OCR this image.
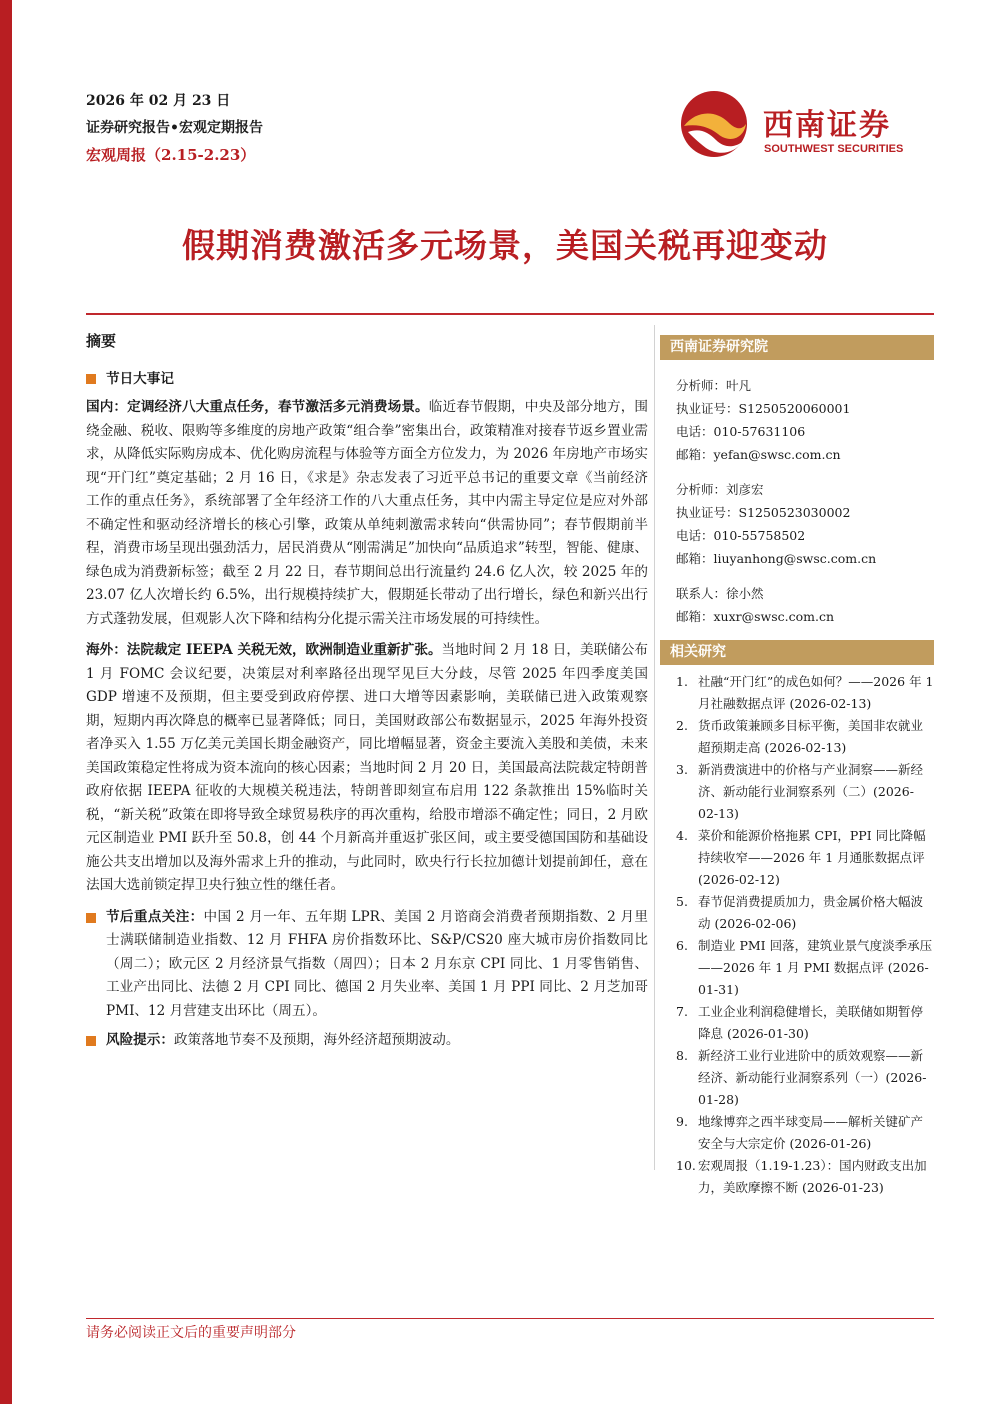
2026 年 02 月 23 日
证券研究报告•宏观定期报告
宏观周报（2.15-2.23）
西南证券
SOUTHWEST SECURITIES
假期消费激活多元场景，美国关税再迎变动
摘要
节日大事记

国内：定调经济八大重点任务，春节激活多元消费场景。临近春节假期，中央及部分地方，围绕金融、税收、限购等多维度的房地产政策“组合拳”密集出台，政策精准对接春节返乡置业需求，从降低实际购房成本、优化购房流程与体验等方面全方位发力，为 2026 年房地产市场实现“开门红”奠定基础；2 月 16 日，《求是》杂志发表了习近平总书记的重要文章《当前经济工作的重点任务》，系统部署了全年经济工作的八大重点任务，其中内需主导定位是应对外部不确定性和驱动经济增长的核心引擎，政策从单纯刺激需求转向“供需协同”；春节假期前半程，消费市场呈现出强劲活力，居民消费从“刚需满足”加快向“品质追求”转型，智能、健康、绿色成为消费新标签；截至 2 月 22 日，春节期间总出行流量约 24.6 亿人次，较 2025 年的 23.07 亿人次增长约 6.5%，出行规模持续扩大，假期延长带动了出行增长，绿色和新兴出行方式蓬勃发展，但观影人次下降和结构分化提示需关注市场发展的可持续性。

海外：法院裁定 IEEPA 关税无效，欧洲制造业重新扩张。当地时间 2 月 18 日，美联储公布 1 月 FOMC 会议纪要，决策层对利率路径出现罕见巨大分歧，尽管 2025 年四季度美国 GDP 增速不及预期，但主要受到政府停摆、进口大增等因素影响，美联储已进入政策观察期，短期内再次降息的概率已显著降低；同日，美国财政部公布数据显示，2025 年海外投资者净买入 1.55 万亿美元美国长期金融资产，同比增幅显著，资金主要流入美股和美债，未来美国政策稳定性将成为资本流向的核心因素；当地时间 2 月 20 日，美国最高法院裁定特朗普政府依据 IEEPA 征收的大规模关税违法，特朗普即刻宣布启用 122 条款推出 15%临时关税，“新关税”政策在即将导致全球贸易秩序的再次重构，给股市增添不确定性；同日，2 月欧元区制造业 PMI 跃升至 50.8，创 44 个月新高并重返扩张区间，或主要受德国国防和基础设施公共支出增加以及海外需求上升的推动，与此同时，欧央行行长拉加德计划提前卸任，意在法国大选前锁定捍卫央行独立性的继任者。

节后重点关注：中国 2 月一年、五年期 LPR、美国 2 月谘商会消费者预期指数、2 月里士满联储制造业指数、12 月 FHFA 房价指数环比、S&P/CS20 座大城市房价指数同比（周二）；欧元区 2 月经济景气指数（周四）；日本 2 月东京 CPI 同比、1 月零售销售、工业产出同比、法德 2 月 CPI 同比、德国 2 月失业率、美国 1 月 PPI 同比、2 月芝加哥 PMI、12 月营建支出环比（周五）。
风险提示：政策落地节奏不及预期，海外经济超预期波动。
西南证券研究院
分析师：叶凡
执业证号：S1250520060001
电话：010-57631106
邮箱：yefan@swsc.com.cn
分析师：刘彦宏
执业证号：S1250523030002
电话：010-55758502
邮箱：liuyanhong@swsc.com.cn
联系人：徐小然
邮箱：xuxr@swsc.com.cn
相关研究
1. 社融“开门红”的成色如何？——2026 年 1 月社融数据点评 (2026-02-13)
2. 货币政策兼顾多目标平衡，美国非农就业超预期走高 (2026-02-13)
3. 新消费演进中的价格与产业洞察——新经济、新动能行业洞察系列（二）(2026-02-13)
4. 菜价和能源价格拖累 CPI，PPI 同比降幅持续收窄——2026 年 1 月通胀数据点评 (2026-02-12)
5. 春节促消费提质加力，贵金属价格大幅波动 (2026-02-06)
6. 制造业 PMI 回落，建筑业景气度淡季承压——2026 年 1 月 PMI 数据点评 (2026-01-31)
7. 工业企业利润稳健增长，美联储如期暂停降息 (2026-01-30)
8. 新经济工业行业进阶中的质效观察——新经济、新动能行业洞察系列（一）(2026-01-28)
9. 地缘博弈之西半球变局——解析关键矿产安全与大宗定价 (2026-01-26)
10. 宏观周报（1.19-1.23）：国内财政支出加力，美欧摩擦不断 (2026-01-23)
请务必阅读正文后的重要声明部分
